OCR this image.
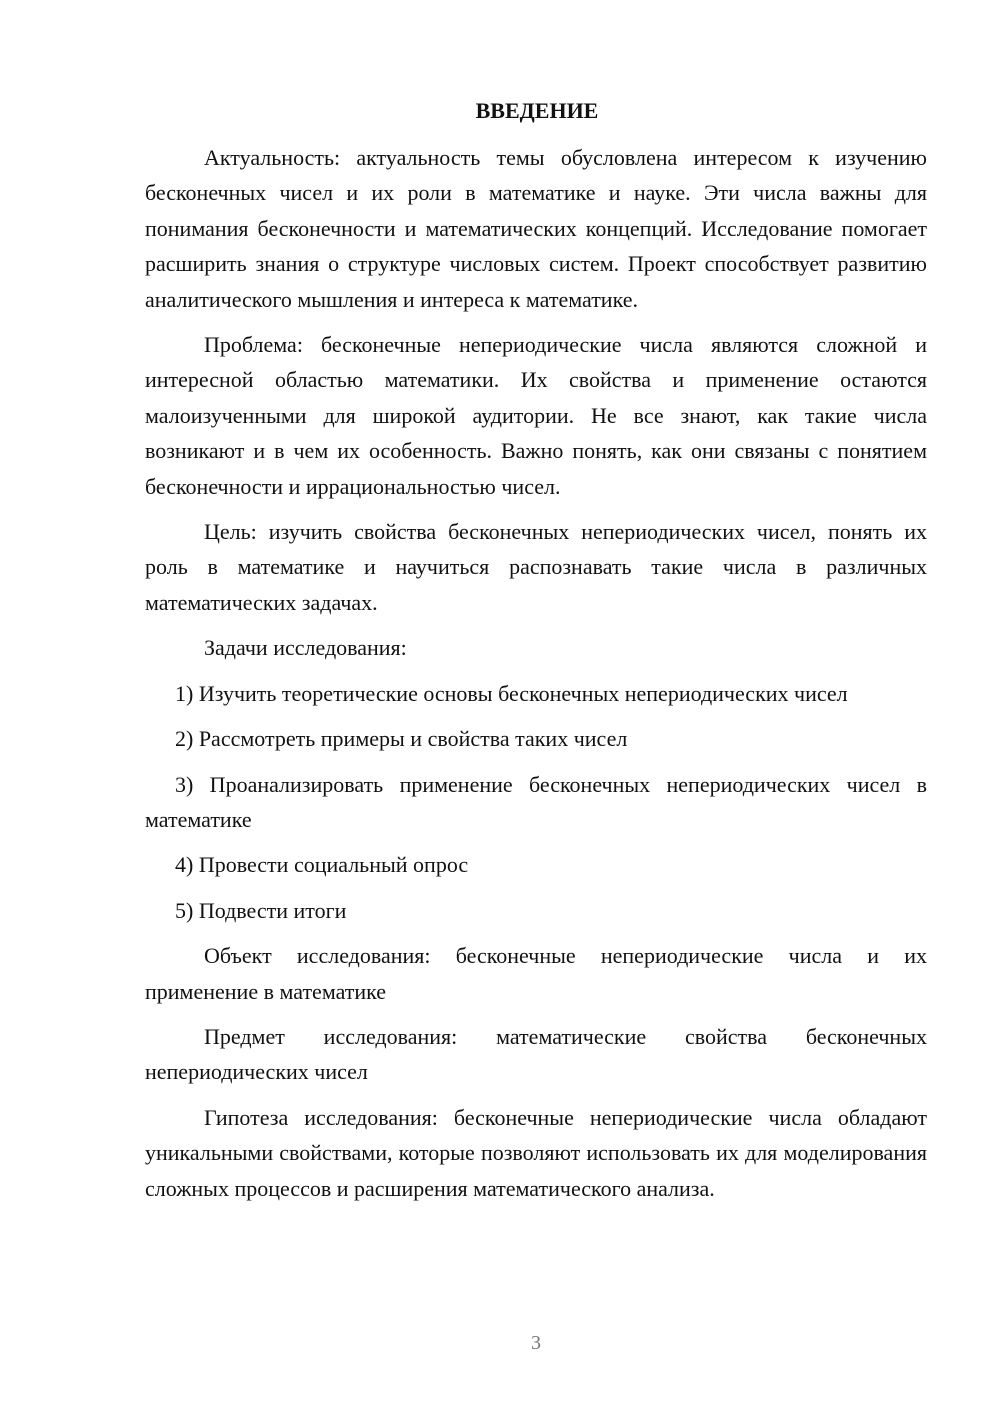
ВВЕДЕНИЕ

Актуальность: актуальность темы обусловлена интересом к изучению бесконечных чисел и их роли в математике и науке. Эти числа важны для понимания бесконечности и математических концепций. Исследование помогает расширить знания о структуре числовых систем. Проект способствует развитию аналитического мышления и интереса к математике.

Проблема: бесконечные непериодические числа являются сложной и интересной областью математики. Их свойства и применение остаются малоизученными для широкой аудитории. Не все знают, как такие числа возникают и в чем их особенность. Важно понять, как они связаны с понятием бесконечности и иррациональностью чисел.

Цель: изучить свойства бесконечных непериодических чисел, понять их роль в математике и научиться распознавать такие числа в различных математических задачах.

Задачи исследования:

1) Изучить теоретические основы бесконечных непериодических чисел

2) Рассмотреть примеры и свойства таких чисел

3) Проанализировать применение бесконечных непериодических чисел в математике

4) Провести социальный опрос

5) Подвести итоги

Объект исследования: бесконечные непериодические числа и их применение в математике

Предмет исследования: математические свойства бесконечных непериодических чисел

Гипотеза исследования: бесконечные непериодические числа обладают уникальными свойствами, которые позволяют использовать их для моделирования сложных процессов и расширения математического анализа.

3
